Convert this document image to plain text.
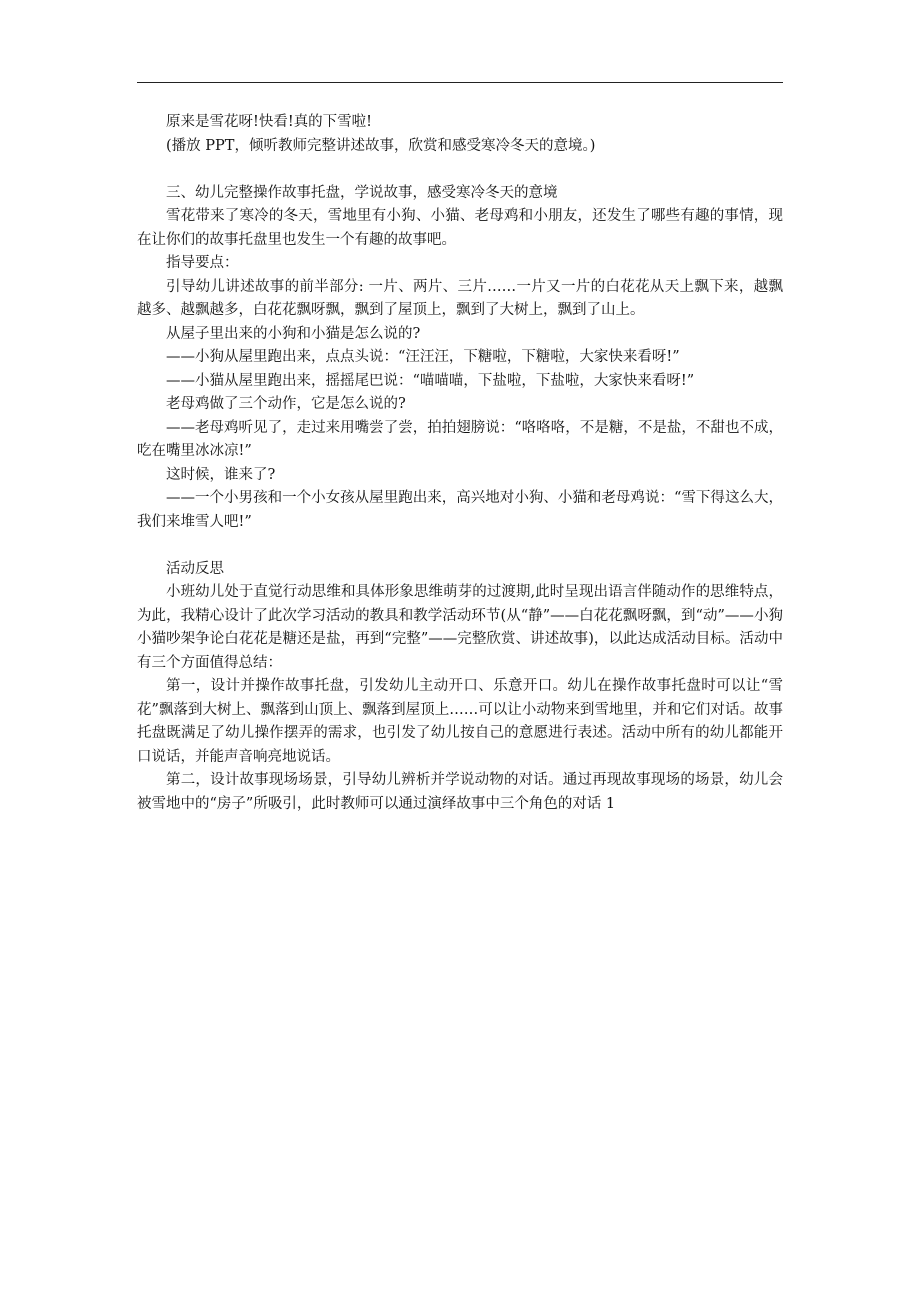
原来是雪花呀!快看!真的下雪啦!

(播放 PPT，倾听教师完整讲述故事，欣赏和感受寒冷冬天的意境。)

三、幼儿完整操作故事托盘，学说故事，感受寒冷冬天的意境

雪花带来了寒冷的冬天，雪地里有小狗、小猫、老母鸡和小朋友，还发生了哪些有趣的事情，现在让你们的故事托盘里也发生一个有趣的故事吧。

指导要点：

引导幼儿讲述故事的前半部分: 一片、两片、三片……一片又一片的白花花从天上飘下来，越飘越多、越飘越多，白花花飘呀飘，飘到了屋顶上，飘到了大树上，飘到了山上。

从屋子里出来的小狗和小猫是怎么说的?

——小狗从屋里跑出来，点点头说：“汪汪汪，下糖啦，下糖啦，大家快来看呀!”

——小猫从屋里跑出来，摇摇尾巴说：“喵喵喵，下盐啦，下盐啦，大家快来看呀!”

老母鸡做了三个动作，它是怎么说的?

——老母鸡听见了，走过来用嘴尝了尝，拍拍翅膀说：“咯咯咯，不是糖，不是盐，不甜也不成，吃在嘴里冰冰凉!”

这时候，谁来了?

——一个小男孩和一个小女孩从屋里跑出来，高兴地对小狗、小猫和老母鸡说：“雪下得这么大，我们来堆雪人吧!”

活动反思

小班幼儿处于直觉行动思维和具体形象思维萌芽的过渡期,此时呈现出语言伴随动作的思维特点，为此，我精心设计了此次学习活动的教具和教学活动环节(从“静”——白花花飘呀飘，到“动”——小狗小猫吵架争论白花花是糖还是盐，再到“完整”——完整欣赏、讲述故事)，以此达成活动目标。活动中有三个方面值得总结：

第一，设计并操作故事托盘，引发幼儿主动开口、乐意开口。幼儿在操作故事托盘时可以让“雪花”飘落到大树上、飘落到山顶上、飘落到屋顶上……可以让小动物来到雪地里，并和它们对话。故事托盘既满足了幼儿操作摆弄的需求，也引发了幼儿按自己的意愿进行表述。活动中所有的幼儿都能开口说话，并能声音响亮地说话。

第二，设计故事现场场景，引导幼儿辨析并学说动物的对话。通过再现故事现场的场景，幼儿会被雪地中的“房子”所吸引，此时教师可以通过演绎故事中三个角色的对话 1
